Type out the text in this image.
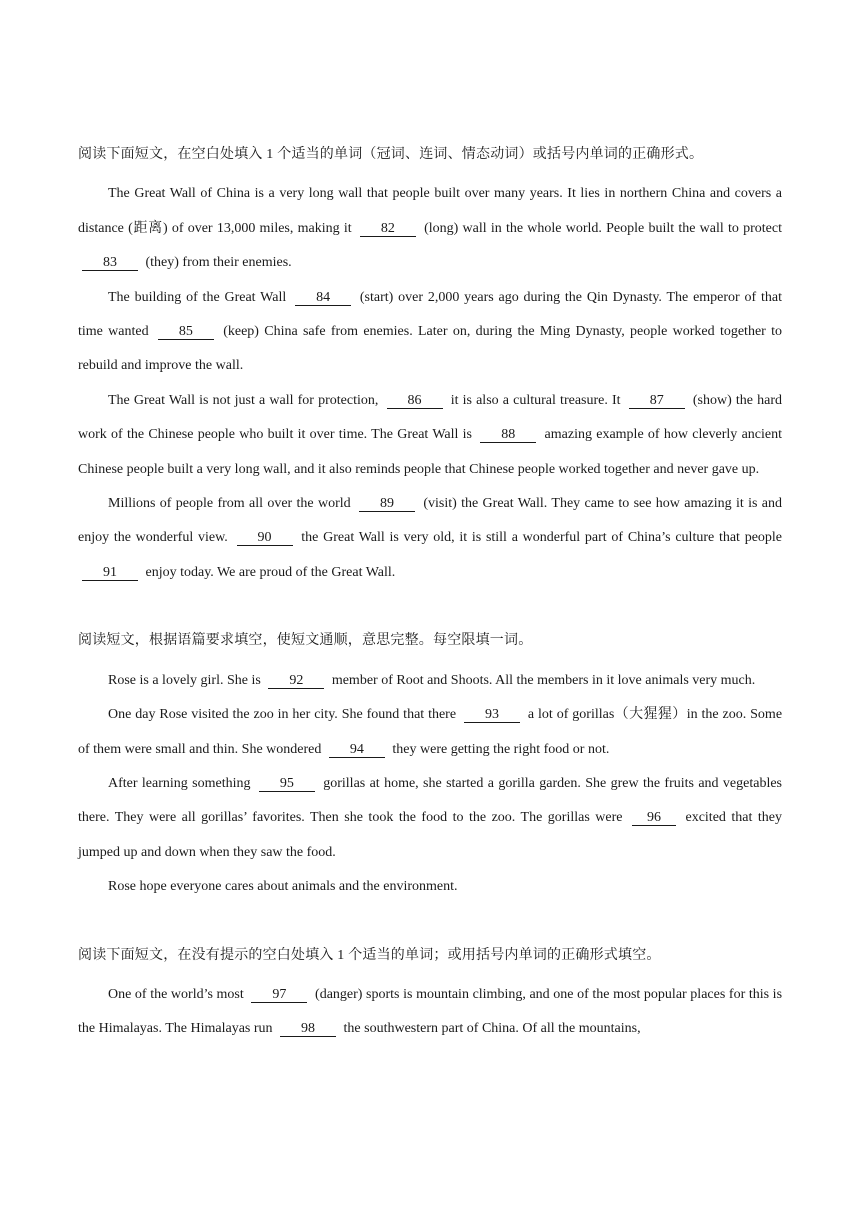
阅读下面短文，在空白处填入 1 个适当的单词（冠词、连词、情态动词）或括号内单词的正确形式。

The Great Wall of China is a very long wall that people built over many years. It lies in northern China and covers a distance (距离) of over 13,000 miles, making it 82 (long) wall in the whole world. People built the wall to protect 83 (they) from their enemies.

The building of the Great Wall 84 (start) over 2,000 years ago during the Qin Dynasty. The emperor of that time wanted 85 (keep) China safe from enemies. Later on, during the Ming Dynasty, people worked together to rebuild and improve the wall.

The Great Wall is not just a wall for protection, 86 it is also a cultural treasure. It 87 (show) the hard work of the Chinese people who built it over time. The Great Wall is 88 amazing example of how cleverly ancient Chinese people built a very long wall, and it also reminds people that Chinese people worked together and never gave up.

Millions of people from all over the world 89 (visit) the Great Wall. They came to see how amazing it is and enjoy the wonderful view. 90 the Great Wall is very old, it is still a wonderful part of China’s culture that people 91 enjoy today. We are proud of the Great Wall.

阅读短文，根据语篇要求填空，使短文通顺，意思完整。每空限填一词。

Rose is a lovely girl. She is 92 member of Root and Shoots. All the members in it love animals very much.

One day Rose visited the zoo in her city. She found that there 93 a lot of gorillas（大猩猩）in the zoo. Some of them were small and thin. She wondered 94 they were getting the right food or not.

After learning something 95 gorillas at home, she started a gorilla garden. She grew the fruits and vegetables there. They were all gorillas’ favorites. Then she took the food to the zoo. The gorillas were 96 excited that they jumped up and down when they saw the food.

Rose hope everyone cares about animals and the environment.

阅读下面短文，在没有提示的空白处填入 1 个适当的单词；或用括号内单词的正确形式填空。

One of the world’s most 97 (danger) sports is mountain climbing, and one of the most popular places for this is the Himalayas. The Himalayas run 98 the southwestern part of China. Of all the mountains,
